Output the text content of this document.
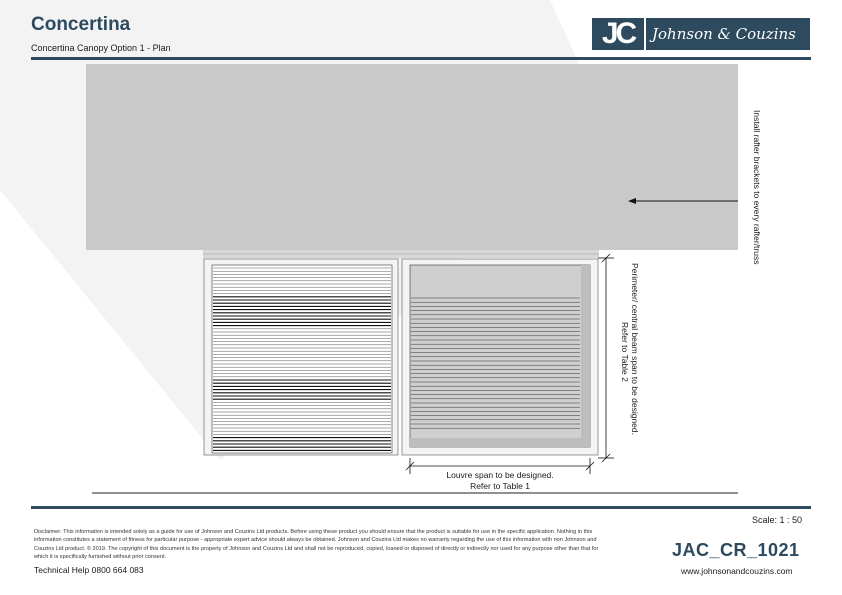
Concertina
Concertina Canopy Option 1 - Plan	JC	Johnson & Couzins
Install rafter brackets to every rafter/truss
Perimeter/ central beam span to be designed.
Refer to Table 2
Louvre span to be designed.
Refer to Table 1
Scale: 1 : 50
Disclaimer: This information is intended solely as a guide for use of Johnson and Couzins Ltd products. Before using these product you should ensure that the product is suitable for use in the specific application. Nothing in this information constitutes a statement of fitness for particular purpose - appropriate expert advice should always be obtained. Johnson and Couzins Ltd makes no warranty regarding the use of this information with non Johnson and Couzins Ltd product. © 2019. The copyright of this document is the property of Johnson and Couzins Ltd and shall not be reproduced, copied, loaned or disposed of directly or indirectly nor used for any purpose other than that for which it is specifically furnished without prior consent.
Technical Help 0800 664 083
JAC_CR_1021
www.johnsonandcouzins.com
